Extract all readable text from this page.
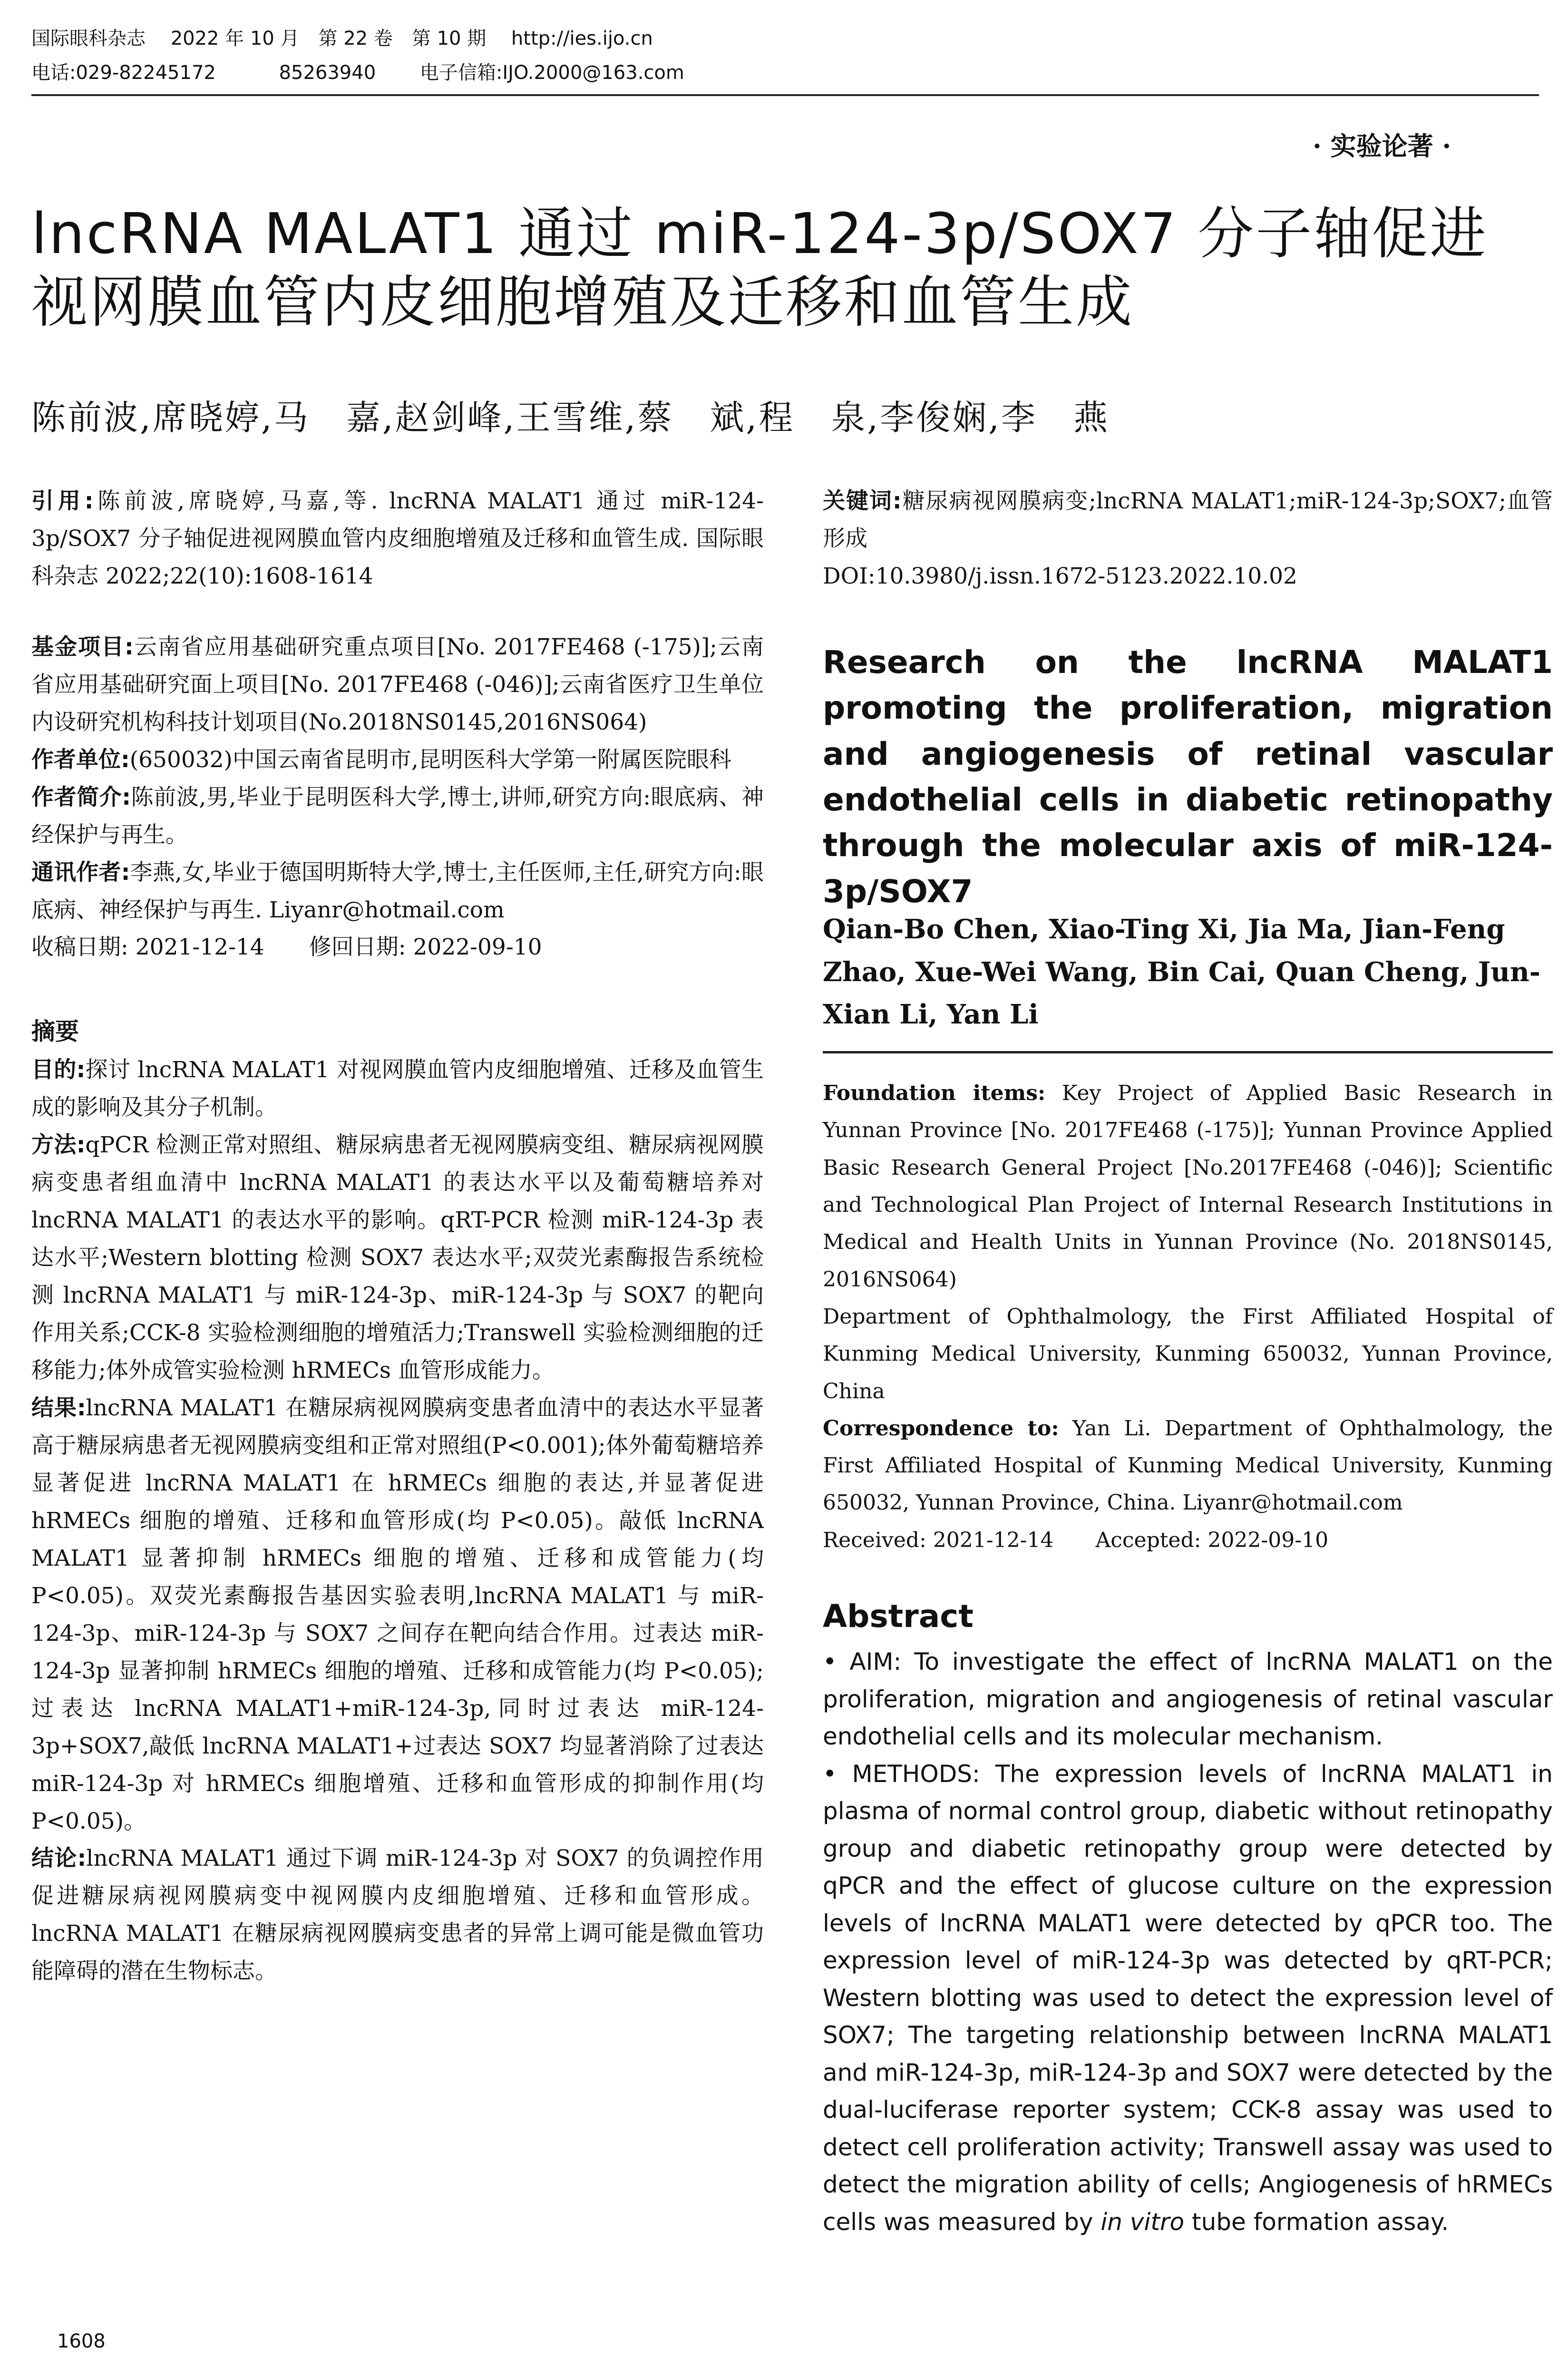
国际眼科杂志　 2022 年 10 月　第 22 卷　第 10 期　 http://ies.ijo.cn
电话:029-82245172　　　 85263940　　 电子信箱:IJO.2000@163.com
· 实验论著 ·
lncRNA MALAT1 通过 miR-124-3p/SOX7 分子轴促进
视网膜血管内皮细胞增殖及迁移和血管生成
陈前波,席晓婷,马　嘉,赵剑峰,王雪维,蔡　斌,程　泉,李俊娴,李　燕

引用:陈前波,席晓婷,马嘉,等. lncRNA MALAT1 通过 miR-124-3p/SOX7 分子轴促进视网膜血管内皮细胞增殖及迁移和血管生成. 国际眼科杂志 2022;22(10):1608-1614

基金项目:云南省应用基础研究重点项目[No. 2017FE468 (-175)];云南省应用基础研究面上项目[No. 2017FE468 (-046)];云南省医疗卫生单位内设研究机构科技计划项目(No.2018NS0145,2016NS064)

作者单位:(650032)中国云南省昆明市,昆明医科大学第一附属医院眼科

作者简介:陈前波,男,毕业于昆明医科大学,博士,讲师,研究方向:眼底病、神经保护与再生。

通讯作者:李燕,女,毕业于德国明斯特大学,博士,主任医师,主任,研究方向:眼底病、神经保护与再生. Liyanr@hotmail.com

收稿日期: 2021-12-14　　修回日期: 2022-09-10

摘要

目的:探讨 lncRNA MALAT1 对视网膜血管内皮细胞增殖、迁移及血管生成的影响及其分子机制。

方法:qPCR 检测正常对照组、糖尿病患者无视网膜病变组、糖尿病视网膜病变患者组血清中 lncRNA MALAT1 的表达水平以及葡萄糖培养对 lncRNA MALAT1 的表达水平的影响。qRT-PCR 检测 miR-124-3p 表达水平;Western blotting 检测 SOX7 表达水平;双荧光素酶报告系统检测 lncRNA MALAT1 与 miR-124-3p、miR-124-3p 与 SOX7 的靶向作用关系;CCK-8 实验检测细胞的增殖活力;Transwell 实验检测细胞的迁移能力;体外成管实验检测 hRMECs 血管形成能力。

结果:lncRNA MALAT1 在糖尿病视网膜病变患者血清中的表达水平显著高于糖尿病患者无视网膜病变组和正常对照组(P<0.001);体外葡萄糖培养显著促进 lncRNA MALAT1 在 hRMECs 细胞的表达,并显著促进 hRMECs 细胞的增殖、迁移和血管形成(均 P<0.05)。敲低 lncRNA MALAT1 显著抑制 hRMECs 细胞的增殖、迁移和成管能力(均 P<0.05)。双荧光素酶报告基因实验表明,lncRNA MALAT1 与 miR-124-3p、miR-124-3p 与 SOX7 之间存在靶向结合作用。过表达 miR-124-3p 显著抑制 hRMECs 细胞的增殖、迁移和成管能力(均 P<0.05);过表达 lncRNA MALAT1+miR-124-3p,同时过表达 miR-124-3p+SOX7,敲低 lncRNA MALAT1+过表达 SOX7 均显著消除了过表达 miR-124-3p 对 hRMECs 细胞增殖、迁移和血管形成的抑制作用(均 P<0.05)。

结论:lncRNA MALAT1 通过下调 miR-124-3p 对 SOX7 的负调控作用促进糖尿病视网膜病变中视网膜内皮细胞增殖、迁移和血管形成。lncRNA MALAT1 在糖尿病视网膜病变患者的异常上调可能是微血管功能障碍的潜在生物标志。

关键词:糖尿病视网膜病变;lncRNA MALAT1;miR-124-3p;SOX7;血管形成

DOI:10.3980/j.issn.1672-5123.2022.10.02

Research on the lncRNA MALAT1 promoting the proliferation, migration and angiogenesis of retinal vascular endothelial cells in diabetic retinopathy through the molecular axis of miR-124-3p/SOX7
Qian-Bo Chen, Xiao-Ting Xi, Jia Ma, Jian-Feng Zhao, Xue-Wei Wang, Bin Cai, Quan Cheng, Jun-Xian Li, Yan Li

Foundation items: Key Project of Applied Basic Research in Yunnan Province [No. 2017FE468 (-175)]; Yunnan Province Applied Basic Research General Project [No.2017FE468 (-046)]; Scientific and Technological Plan Project of Internal Research Institutions in Medical and Health Units in Yunnan Province (No. 2018NS0145, 2016NS064)

Department of Ophthalmology, the First Affiliated Hospital of Kunming Medical University, Kunming 650032, Yunnan Province, China

Correspondence to: Yan Li. Department of Ophthalmology, the First Affiliated Hospital of Kunming Medical University, Kunming 650032, Yunnan Province, China. Liyanr@hotmail.com

Received: 2021-12-14　　Accepted: 2022-09-10

Abstract

• AIM: To investigate the effect of lncRNA MALAT1 on the proliferation, migration and angiogenesis of retinal vascular endothelial cells and its molecular mechanism.

• METHODS: The expression levels of lncRNA MALAT1 in plasma of normal control group, diabetic without retinopathy group and diabetic retinopathy group were detected by qPCR and the effect of glucose culture on the expression levels of lncRNA MALAT1 were detected by qPCR too. The expression level of miR-124-3p was detected by qRT-PCR; Western blotting was used to detect the expression level of SOX7; The targeting relationship between lncRNA MALAT1 and miR-124-3p, miR-124-3p and SOX7 were detected by the dual-luciferase reporter system; CCK-8 assay was used to detect cell proliferation activity; Transwell assay was used to detect the migration ability of cells; Angiogenesis of hRMECs cells was measured by in vitro tube formation assay.

1608
